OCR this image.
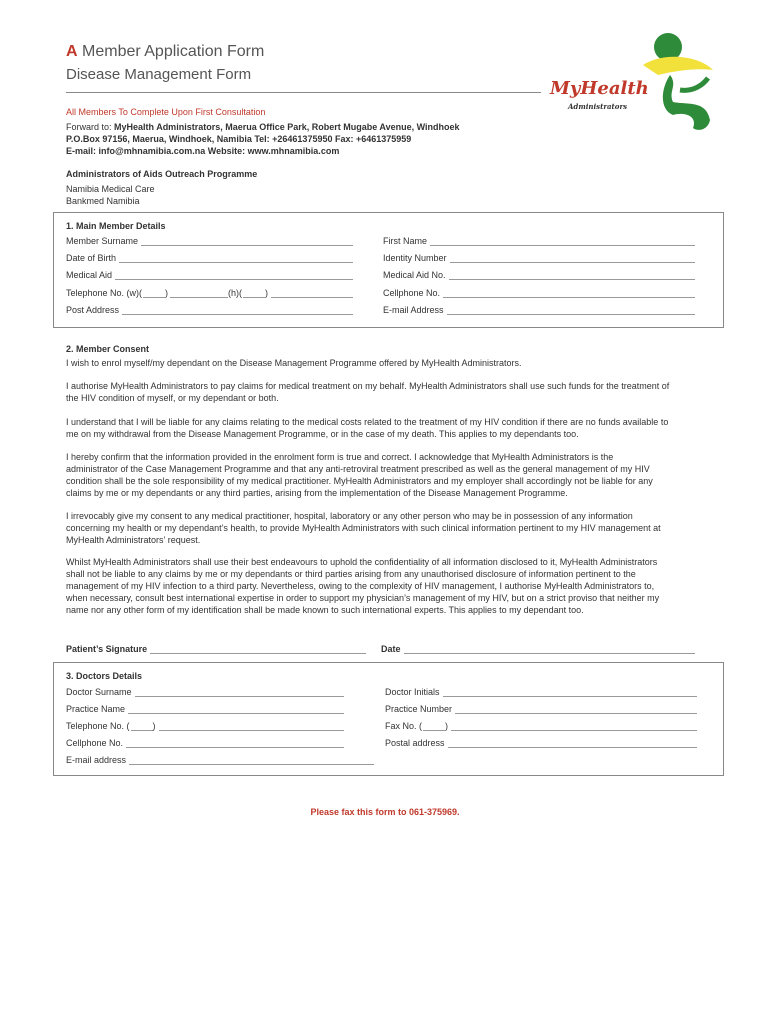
A Member Application Form
Disease Management Form
MyHealth
Administrators
All Members To Complete Upon First Consultation
Forward to: MyHealth Administrators, Maerua Office Park, Robert Mugabe Avenue, Windhoek
P.O.Box 97156, Maerua, Windhoek, Namibia Tel: +26461375950 Fax: +6461375959
E-mail: info@mhnamibia.com.na Website: www.mhnamibia.com
Administrators of Aids Outreach Programme
Namibia Medical Care
Bankmed Namibia
1. Main Member Details
Member Surname	First Name
Date of Birth	Identity Number
Medical Aid	Medical Aid No.
Telephone No. (w)(	)	(h)(	)	Cellphone No.
Post Address	E-mail Address
2. Member Consent
I wish to enrol myself/my dependant on the Disease Management Programme offered by MyHealth Administrators.
I authorise MyHealth Administrators to pay claims for medical treatment on my behalf. MyHealth Administrators shall use such funds for the treatment of
the HIV condition of myself, or my dependant or both.
I understand that I will be liable for any claims relating to the medical costs related to the treatment of my HIV condition if there are no funds available to
me on my withdrawal from the Disease Management Programme, or in the case of my death. This applies to my dependants too.
I hereby confirm that the information provided in the enrolment form is true and correct. I acknowledge that MyHealth Administrators is the
administrator of the Case Management Programme and that any anti-retroviral treatment prescribed as well as the general management of my HIV
condition shall be the sole responsibility of my medical practitioner. MyHealth Administrators and my employer shall accordingly not be liable for any
claims by me or my dependants or any third parties, arising from the implementation of the Disease Management Programme.
I irrevocably give my consent to any medical practitioner, hospital, laboratory or any other person who may be in possession of any information
concerning my health or my dependant’s health, to provide MyHealth Administrators with such clinical information pertinent to my HIV management at
MyHealth Administrators’ request.
Whilst MyHealth Administrators shall use their best endeavours to uphold the confidentiality of all information disclosed to it, MyHealth Administrators
shall not be liable to any claims by me or my dependants or third parties arising from any unauthorised disclosure of information pertinent to the
management of my HIV infection to a third party. Nevertheless, owing to the complexity of HIV management, I authorise MyHealth Administrators to,
when necessary, consult best international expertise in order to support my physician’s management of my HIV, but on a strict proviso that neither my
name nor any other form of my identification shall be made known to such international experts. This applies to my dependant too.
Patient’s Signature	Date
3. Doctors Details
Doctor Surname	Doctor Initials
Practice Name	Practice Number
Telephone No. (	)	Fax No. (	)
Cellphone No.	Postal address
E-mail address
Please fax this form to 061-375969.
